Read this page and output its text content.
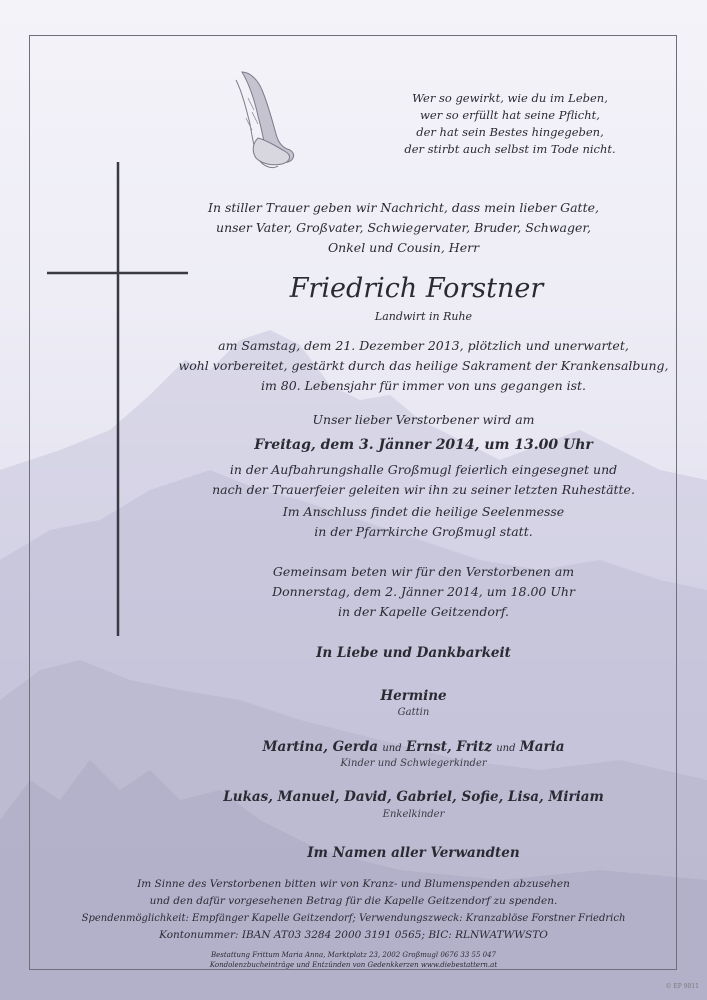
Wer so gewirkt, wie du im Leben,
wer so erfüllt hat seine Pflicht,
der hat sein Bestes hingegeben,
der stirbt auch selbst im Tode nicht.
In stiller Trauer geben wir Nachricht, dass mein lieber Gatte,
unser Vater, Großvater, Schwiegervater, Bruder, Schwager,
Onkel und Cousin, Herr
Friedrich Forstner
Landwirt in Ruhe
am Samstag, dem 21. Dezember 2013, plötzlich und unerwartet,
wohl vorbereitet, gestärkt durch das heilige Sakrament der Krankensalbung,
im 80. Lebensjahr für immer von uns gegangen ist.
Unser lieber Verstorbener wird am
Freitag, dem 3. Jänner 2014, um 13.00 Uhr
in der Aufbahrungshalle Großmugl feierlich eingesegnet und
nach der Trauerfeier geleiten wir ihn zu seiner letzten Ruhestätte.
Im Anschluss findet die heilige Seelenmesse
in der Pfarrkirche Großmugl statt.
Gemeinsam beten wir für den Verstorbenen am
Donnerstag, dem 2. Jänner 2014, um 18.00 Uhr
in der Kapelle Geitzendorf.
In Liebe und Dankbarkeit
Hermine
Gattin
Martina, Gerda und Ernst, Fritz und Maria
Kinder und Schwiegerkinder
Lukas, Manuel, David, Gabriel, Sofie, Lisa, Miriam
Enkelkinder
Im Namen aller Verwandten
Im Sinne des Verstorbenen bitten wir von Kranz- und Blumenspenden abzusehen
und den dafür vorgesehenen Betrag für die Kapelle Geitzendorf zu spenden.
Spendenmöglichkeit: Empfänger Kapelle Geitzendorf; Verwendungszweck: Kranzablöse Forstner Friedrich
Kontonummer: IBAN AT03 3284 2000 3191 0565; BIC: RLNWATWWSTO
Bestattung Frittum Maria Anna, Marktplatz 23, 2002 Großmugl 0676 33 55 047
Kondolenzbucheinträge und Entzünden von Gedenkkerzen www.diebestattern.at
© EP 9011
